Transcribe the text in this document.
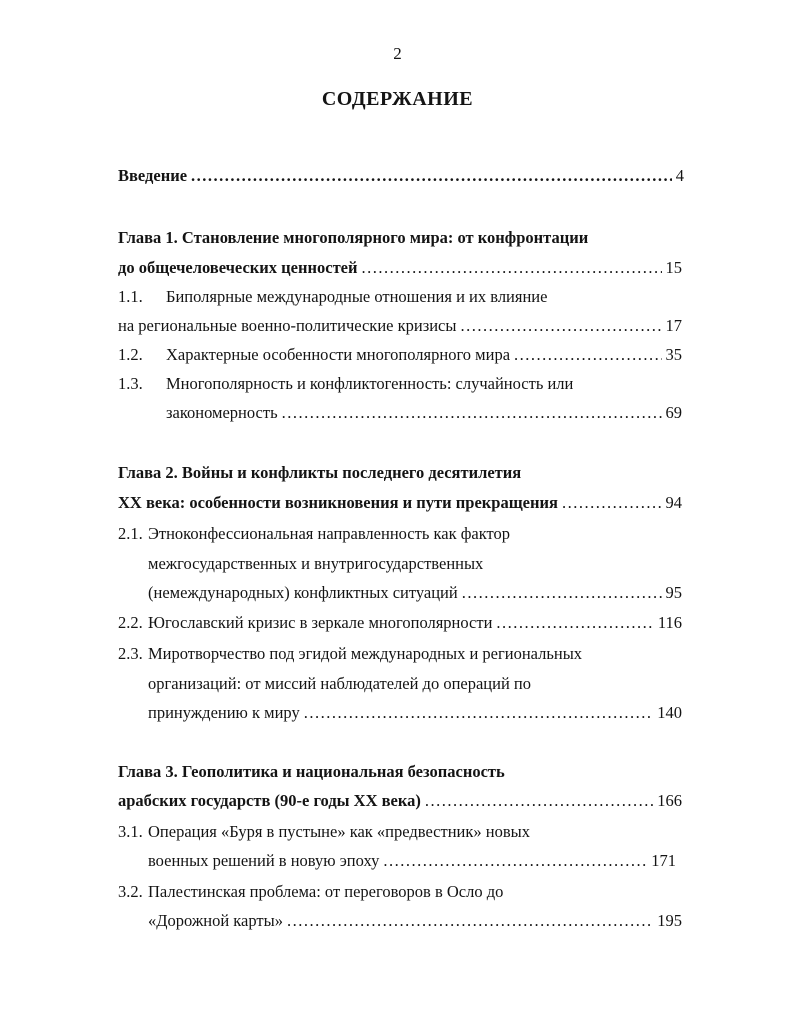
2
СОДЕРЖАНИЕ
Введение .....	4
Глава 1. Становление многополярного мира: от конфронтации
до общечеловеческих ценностей .....	15
1.1. Биполярные международные отношения и их влияние
на региональные военно-политические кризисы .....	17
1.2. Характерные особенности многополярного мира .....	35
1.3. Многополярность и конфликтогенность: случайность или
закономерность .....	69
Глава 2. Войны и конфликты последнего десятилетия
XX века: особенности возникновения и пути прекращения .....	94
2.1. Этноконфессиональная направленность как фактор
межгосударственных и внутригосударственных
(немеждународных) конфликтных ситуаций .....	95
2.2. Югославский кризис в зеркале многополярности .....	116
2.3. Миротворчество под эгидой международных и региональных
организаций: от миссий наблюдателей до операций по
принуждению к миру .....	140
Глава 3. Геополитика и национальная безопасность
арабских государств (90-е годы XX века) .....	166
3.1. Операция «Буря в пустыне» как «предвестник» новых
военных решений в новую эпоху .....	171
3.2. Палестинская проблема: от переговоров в Осло до
«Дорожной карты» .....	195
